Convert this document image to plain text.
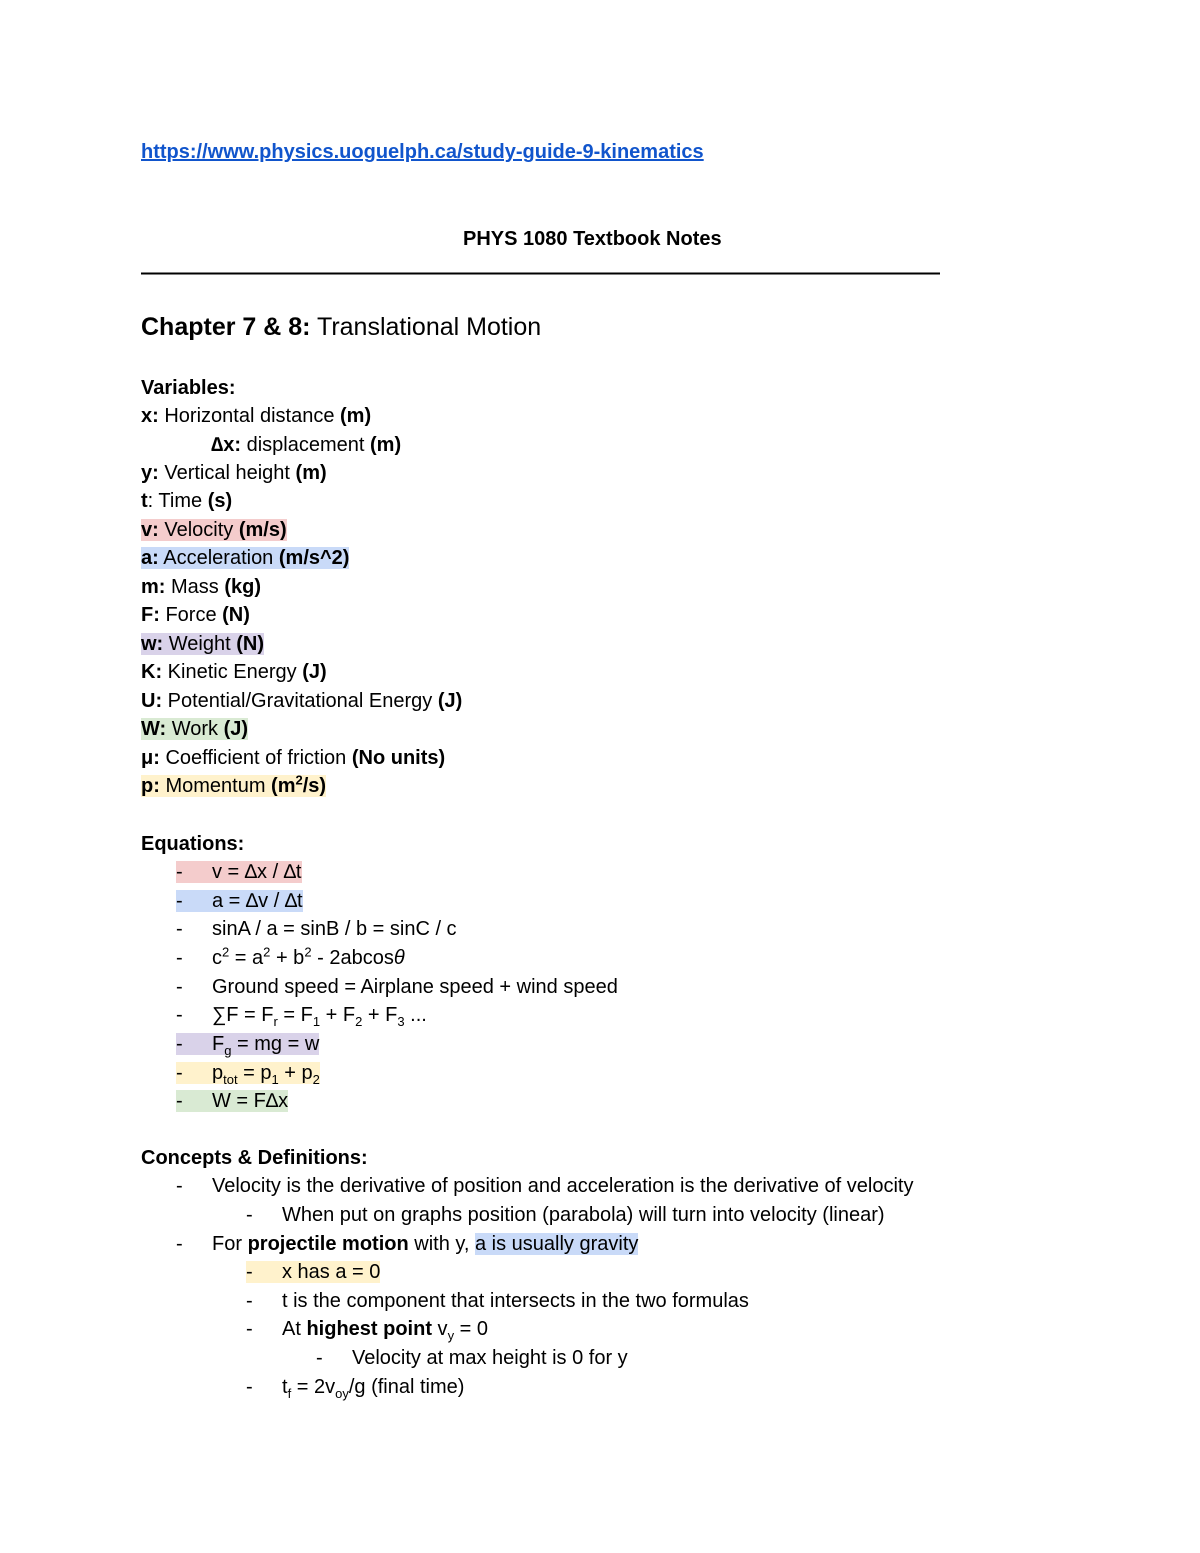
https://www.physics.uoguelph.ca/study-guide-9-kinematics
PHYS 1080 Textbook Notes
——————————————————————————————————————————
Chapter 7 & 8: Translational Motion
Variables:
x: Horizontal distance (m)
∆x: displacement (m)
y: Vertical height (m)
t: Time (s)
v: Velocity (m/s)
a: Acceleration (m/s^2)
m: Mass (kg)
F: Force (N)
w: Weight (N)
K: Kinetic Energy (J)
U: Potential/Gravitational Energy (J)
W: Work (J)
μ: Coefficient of friction (No units)
p: Momentum $(m^2/s)$
Equations:
- v = ∆x / ∆t
- a = ∆v / ∆t
- sinA / a = sinB / b = sinC / c
- $c^2 = a^2 + b^2 - 2abcos\theta$
- Ground speed = Airplane speed + wind speed
- $\sum F = F_r = F_1 + F_2 + F_3$ ...
- $F_g$ = mg = w
- $p_{tot} = p_1 + p_2$
- W = F∆x
Concepts & Definitions:
- Velocity is the derivative of position and acceleration is the derivative of velocity
- When put on graphs position (parabola) will turn into velocity (linear)
- For projectile motion with y, a is usually gravity
- x has a = 0
- t is the component that intersects in the two formulas
- At highest point $v_y = 0$
- Velocity at max height is 0 for y
- $t_f = 2v_{oy}/g$ (final time)
